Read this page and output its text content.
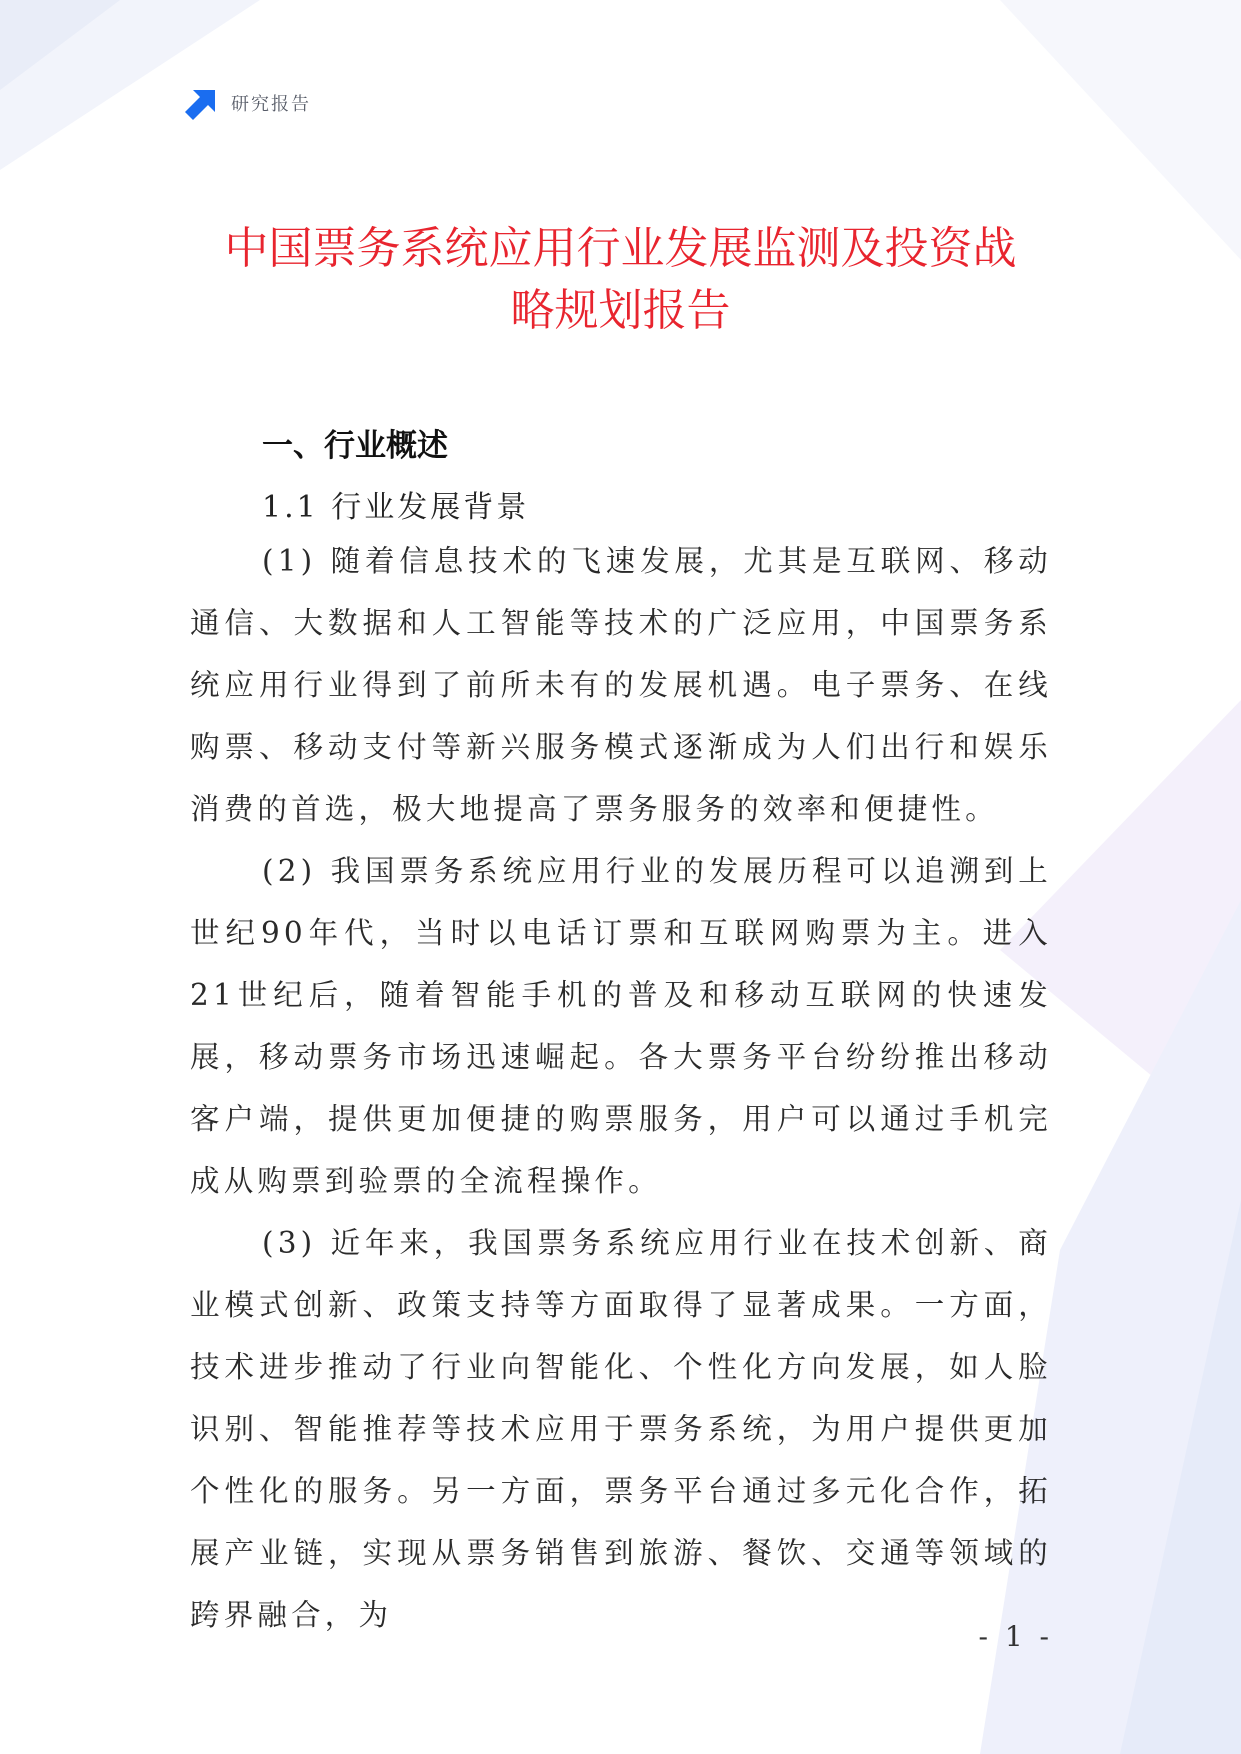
研究报告
中国票务系统应用行业发展监测及投资战
略规划报告
一、行业概述
1.1 行业发展背景

(1) 随着信息技术的飞速发展，尤其是互联网、移动通信、大数据和人工智能等技术的广泛应用，中国票务系统应用行业得到了前所未有的发展机遇。电子票务、在线购票、移动支付等新兴服务模式逐渐成为人们出行和娱乐消费的首选，极大地提高了票务服务的效率和便捷性。

(2) 我国票务系统应用行业的发展历程可以追溯到上世纪90年代，当时以电话订票和互联网购票为主。进入21世纪后，随着智能手机的普及和移动互联网的快速发展，移动票务市场迅速崛起。各大票务平台纷纷推出移动客户端，提供更加便捷的购票服务，用户可以通过手机完成从购票到验票的全流程操作。

(3) 近年来，我国票务系统应用行业在技术创新、商业模式创新、政策支持等方面取得了显著成果。一方面，技术进步推动了行业向智能化、个性化方向发展，如人脸识别、智能推荐等技术应用于票务系统，为用户提供更加个性化的服务。另一方面，票务平台通过多元化合作，拓展产业链，实现从票务销售到旅游、餐饮、交通等领域的跨界融合，为

- 1 -
